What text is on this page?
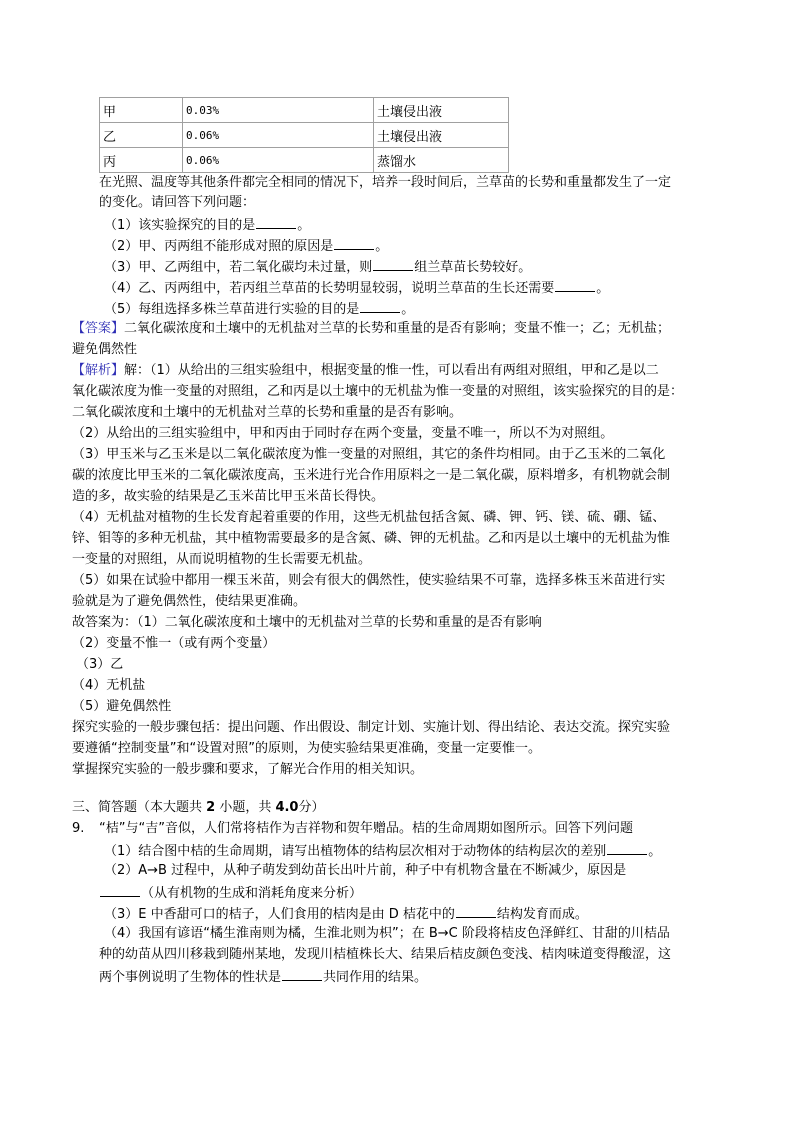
甲	0.03%	土壤侵出液
乙	0.06%	土壤侵出液
丙	0.06%	蒸馏水
在光照、温度等其他条件都完全相同的情况下，培养一段时间后，兰草苗的长势和重量都发生了一定
的变化。请回答下列问题：
（1）该实验探究的目的是	。
（2）甲、丙两组不能形成对照的原因是	。
（3）甲、乙两组中，若二氧化碳均未过量，则	组兰草苗长势较好。
（4）乙、丙两组中，若丙组兰草苗的长势明显较弱，说明兰草苗的生长还需要	。
（5）每组选择多株兰草苗进行实验的目的是	。
【答案】二氧化碳浓度和土壤中的无机盐对兰草的长势和重量的是否有影响；变量不惟一；乙；无机盐；
避免偶然性
【解析】解：（1）从给出的三组实验组中，根据变量的惟一性，可以看出有两组对照组，甲和乙是以二
氧化碳浓度为惟一变量的对照组，乙和丙是以土壤中的无机盐为惟一变量的对照组，该实验探究的目的是：
二氧化碳浓度和土壤中的无机盐对兰草的长势和重量的是否有影响。
（2）从给出的三组实验组中，甲和丙由于同时存在两个变量，变量不唯一，所以不为对照组。
（3）甲玉米与乙玉米是以二氧化碳浓度为惟一变量的对照组，其它的条件均相同。由于乙玉米的二氧化
碳的浓度比甲玉米的二氧化碳浓度高，玉米进行光合作用原料之一是二氧化碳，原料增多，有机物就会制
造的多，故实验的结果是乙玉米苗比甲玉米苗长得快。
（4）无机盐对植物的生长发育起着重要的作用，这些无机盐包括含氮、磷、钾、钙、镁、硫、硼、锰、
锌、钼等的多种无机盐，其中植物需要最多的是含氮、磷、钾的无机盐。乙和丙是以土壤中的无机盐为惟
一变量的对照组，从而说明植物的生长需要无机盐。
（5）如果在试验中都用一棵玉米苗，则会有很大的偶然性，使实验结果不可靠，选择多株玉米苗进行实
验就是为了避免偶然性，使结果更准确。
故答案为：（1）二氧化碳浓度和土壤中的无机盐对兰草的长势和重量的是否有影响
（2）变量不惟一（或有两个变量）
（3）乙
（4）无机盐
（5）避免偶然性
探究实验的一般步骤包括：提出问题、作出假设、制定计划、实施计划、得出结论、表达交流。探究实验
要遵循“控制变量”和“设置对照”的原则，为使实验结果更准确，变量一定要惟一。
掌握探究实验的一般步骤和要求，了解光合作用的相关知识。
三、简答题（本大题共 2 小题，共 4.0分）
9. “桔”与“吉”音似，人们常将桔作为吉祥物和贺年赠品。桔的生命周期如图所示。回答下列问题
（1）结合图中桔的生命周期，请写出植物体的结构层次相对于动物体的结构层次的差别	。
（2）A→B 过程中，从种子萌发到幼苗长出叶片前，种子中有机物含量在不断减少，原因是
（从有机物的生成和消耗角度来分析）
（3）E 中香甜可口的桔子，人们食用的桔肉是由 D 桔花中的	结构发育而成。
（4）我国有谚语“橘生淮南则为橘，生淮北则为枳”；在 B→C 阶段将桔皮色泽鲜红、甘甜的川桔品
种的幼苗从四川移栽到随州某地，发现川桔植株长大、结果后桔皮颜色变浅、桔肉味道变得酸涩，这
两个事例说明了生物体的性状是	共同作用的结果。
